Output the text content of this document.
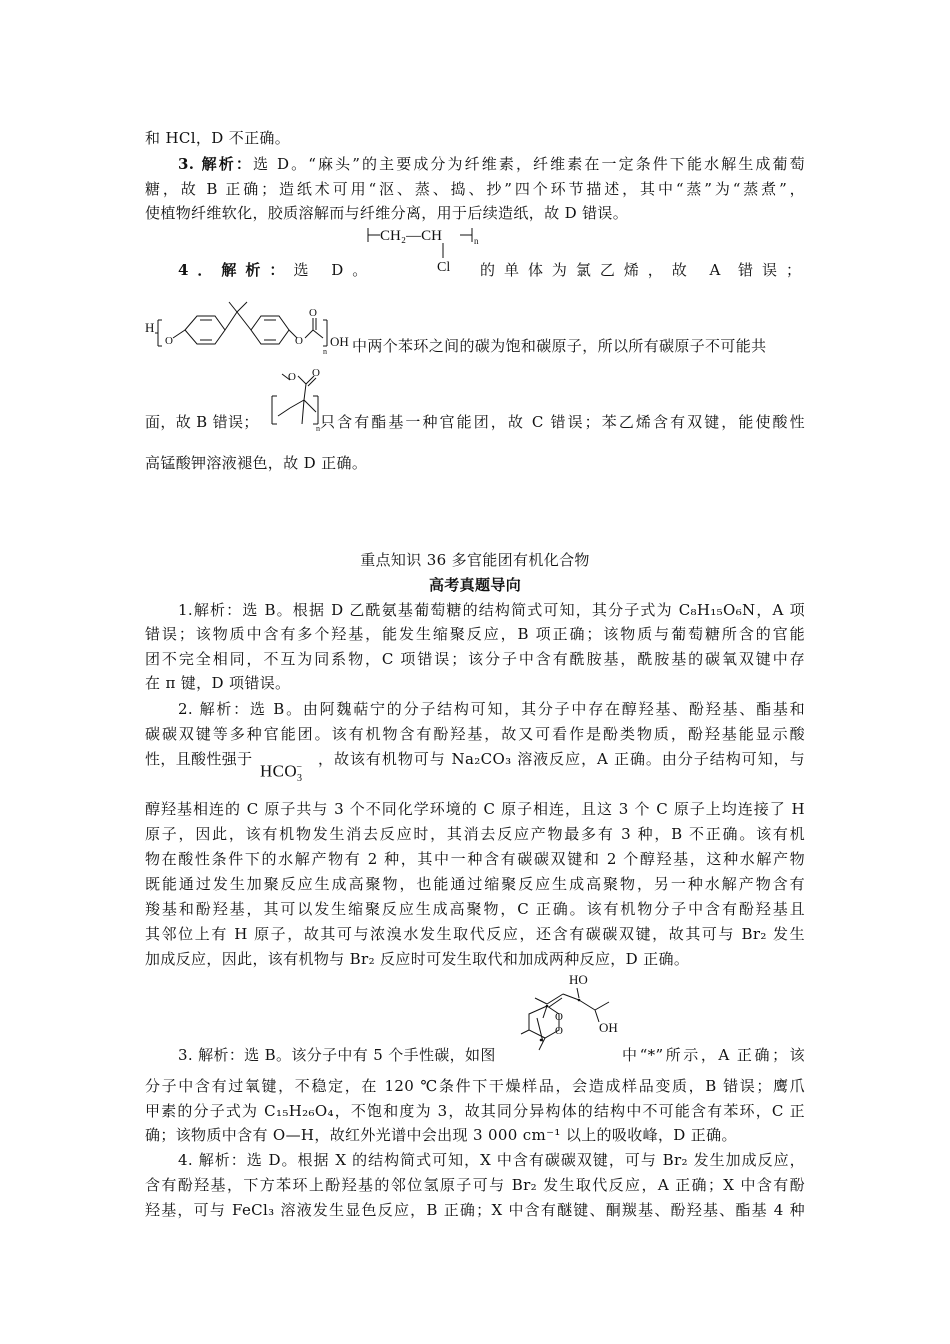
和 HCl，D 不正确。
3. 解析：选 D。“麻头”的主要成分为纤维素，纤维素在一定条件下能水解生成葡萄
糖，故 B 正确；造纸术可用“沤、蒸、捣、抄”四个环节描述，其中“蒸”为“蒸煮”，
使植物纤维软化，胶质溶解而与纤维分离，用于后续造纸，故 D 错误。
CH₂—CH	n
Cl
4．解析：选 D。	的单体为氯乙烯，故 A 错误；
H
O	O
O
n
OH 中两个苯环之间的碳为饱和碳原子，所以所有碳原子不可能共
O O
n
面，故 B 错误；	只含有酯基一种官能团，故 C 错误；苯乙烯含有双键，能使酸性
高锰酸钾溶液褪色，故 D 正确。
重点知识 36 多官能团有机化合物
高考真题导向
1.解析：选 B。根据 D 乙酰氨基葡萄糖的结构简式可知，其分子式为 C₈H₁₅O₆N，A 项
错误；该物质中含有多个羟基，能发生缩聚反应，B 项正确；该物质与葡萄糖所含的官能
团不完全相同，不互为同系物，C 项错误；该分子中含有酰胺基，酰胺基的碳氧双键中存
在 π 键，D 项错误。
2. 解析：选 B。由阿魏萜宁的分子结构可知，其分子中存在醇羟基、酚羟基、酯基和
碳碳双键等多种官能团。该有机物含有酚羟基，故又可看作是酚类物质，酚羟基能显示酸
性，且酸性强于
$HCO_3^-$	，故该有机物可与 Na₂CO₃ 溶液反应，A 正确。由分子结构可知，与
醇羟基相连的 C 原子共与 3 个不同化学环境的 C 原子相连，且这 3 个 C 原子上均连接了 H
原子，因此，该有机物发生消去反应时，其消去反应产物最多有 3 种，B 不正确。该有机
物在酸性条件下的水解产物有 2 种，其中一种含有碳碳双键和 2 个醇羟基，这种水解产物
既能通过发生加聚反应生成高聚物，也能通过缩聚反应生成高聚物，另一种水解产物含有
羧基和酚羟基，其可以发生缩聚反应生成高聚物，C 正确。该有机物分子中含有酚羟基且
其邻位上有 H 原子，故其可与浓溴水发生取代反应，还含有碳碳双键，故其可与 Br₂ 发生
加成反应，因此，该有机物与 Br₂ 反应时可发生取代和加成两种反应，D 正确。
HO
OH
O
O
3. 解析：选 B。该分子中有 5 个手性碳，如图	中“*”所示，A 正确；该
分子中含有过氧键，不稳定，在 120 ℃条件下干燥样品，会造成样品变质，B 错误；鹰爪
甲素的分子式为 C₁₅H₂₆O₄，不饱和度为 3，故其同分异构体的结构中不可能含有苯环，C 正
确；该物质中含有 O—H，故红外光谱中会出现 3 000 cm⁻¹ 以上的吸收峰，D 正确。
4. 解析：选 D。根据 X 的结构简式可知，X 中含有碳碳双键，可与 Br₂ 发生加成反应，
含有酚羟基，下方苯环上酚羟基的邻位氢原子可与 Br₂ 发生取代反应，A 正确；X 中含有酚
羟基，可与 FeCl₃ 溶液发生显色反应，B 正确；X 中含有醚键、酮羰基、酚羟基、酯基 4 种
